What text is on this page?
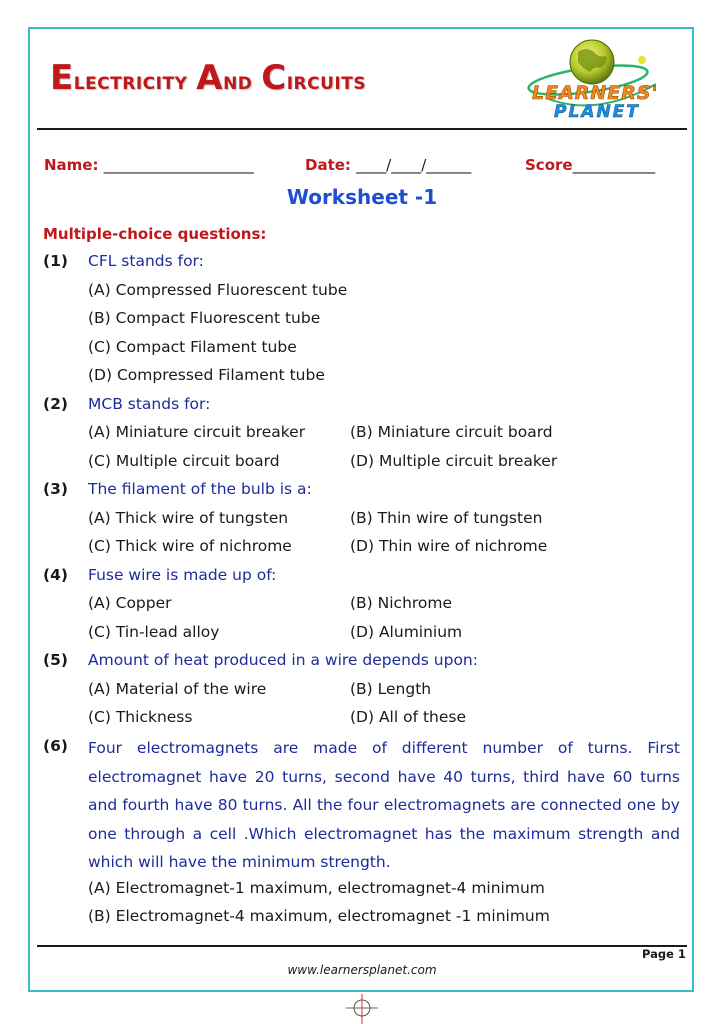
Electricity And Circuits	LEARNERS'
PLANET
Name: ____________________	Date: ____/____/______	Score___________
Worksheet -1
Multiple-choice questions:
(1) CFL stands for:
(A) Compressed Fluorescent tube
(B) Compact Fluorescent tube
(C) Compact Filament tube
(D) Compressed Filament tube
(2) MCB stands for:
(A) Miniature circuit breaker	(B) Miniature circuit board
(C) Multiple circuit board	(D) Multiple circuit breaker
(3) The filament of the bulb is a:
(A) Thick wire of tungsten	(B) Thin wire of tungsten
(C) Thick wire of nichrome	(D) Thin wire of nichrome
(4) Fuse wire is made up of:
(A) Copper	(B) Nichrome
(C) Tin-lead alloy	(D) Aluminium
(5) Amount of heat produced in a wire depends upon:
(A) Material of the wire	(B) Length
(C) Thickness	(D) All of these
(6) Four electromagnets are made of different number of turns. First electromagnet have 20 turns, second have 40 turns, third have 60 turns and fourth have 80 turns. All the four electromagnets are connected one by one through a cell .Which electromagnet has the maximum strength and which will have the minimum strength.
(A) Electromagnet-1 maximum, electromagnet-4 minimum
(B) Electromagnet-4 maximum, electromagnet -1 minimum
Page 1
www.learnersplanet.com
